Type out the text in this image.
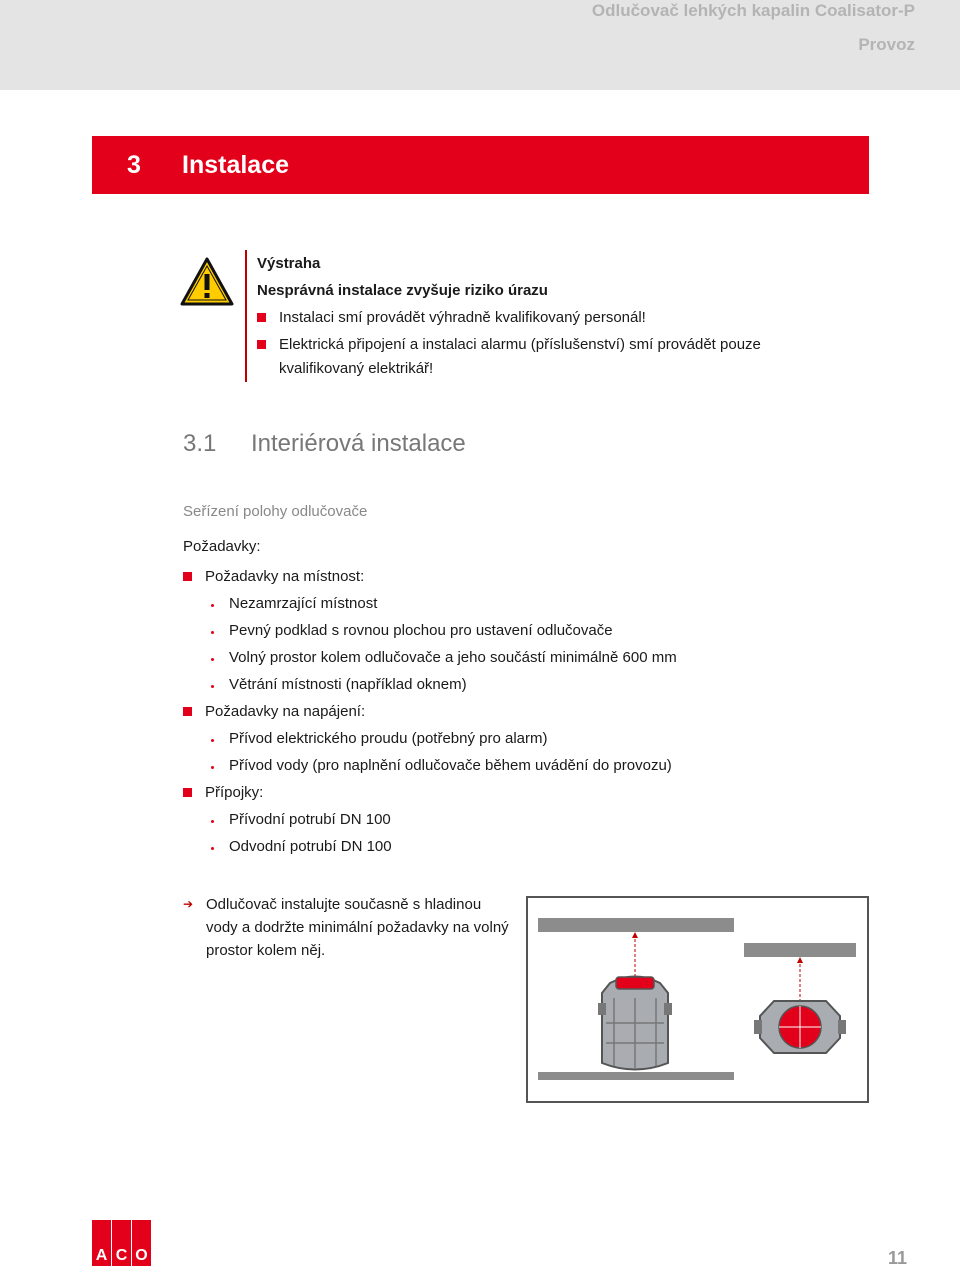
Odlučovač lehkých kapalin Coalisator-P
Provoz
3	Instalace
Výstraha
Nesprávná instalace zvyšuje riziko úrazu
Instalaci smí provádět výhradně kvalifikovaný personál!
Elektrická připojení a instalaci alarmu (příslušenství) smí provádět pouze kvalifikovaný elektrikář!
3.1 Interiérová instalace
Seřízení polohy odlučovače
Požadavky:
Požadavky na místnost:
Nezamrzající místnost
Pevný podklad s rovnou plochou pro ustavení odlučovače
Volný prostor kolem odlučovače a jeho součástí minimálně 600 mm
Větrání místnosti (například oknem)
Požadavky na napájení:
Přívod elektrického proudu (potřebný pro alarm)
Přívod vody (pro naplnění odlučovače během uvádění do provozu)
Přípojky:
Přívodní potrubí DN 100
Odvodní potrubí DN 100
➔ Odlučovač instalujte současně s hladinou vody a dodržte minimální požadavky na volný prostor kolem něj.
A C O	11
